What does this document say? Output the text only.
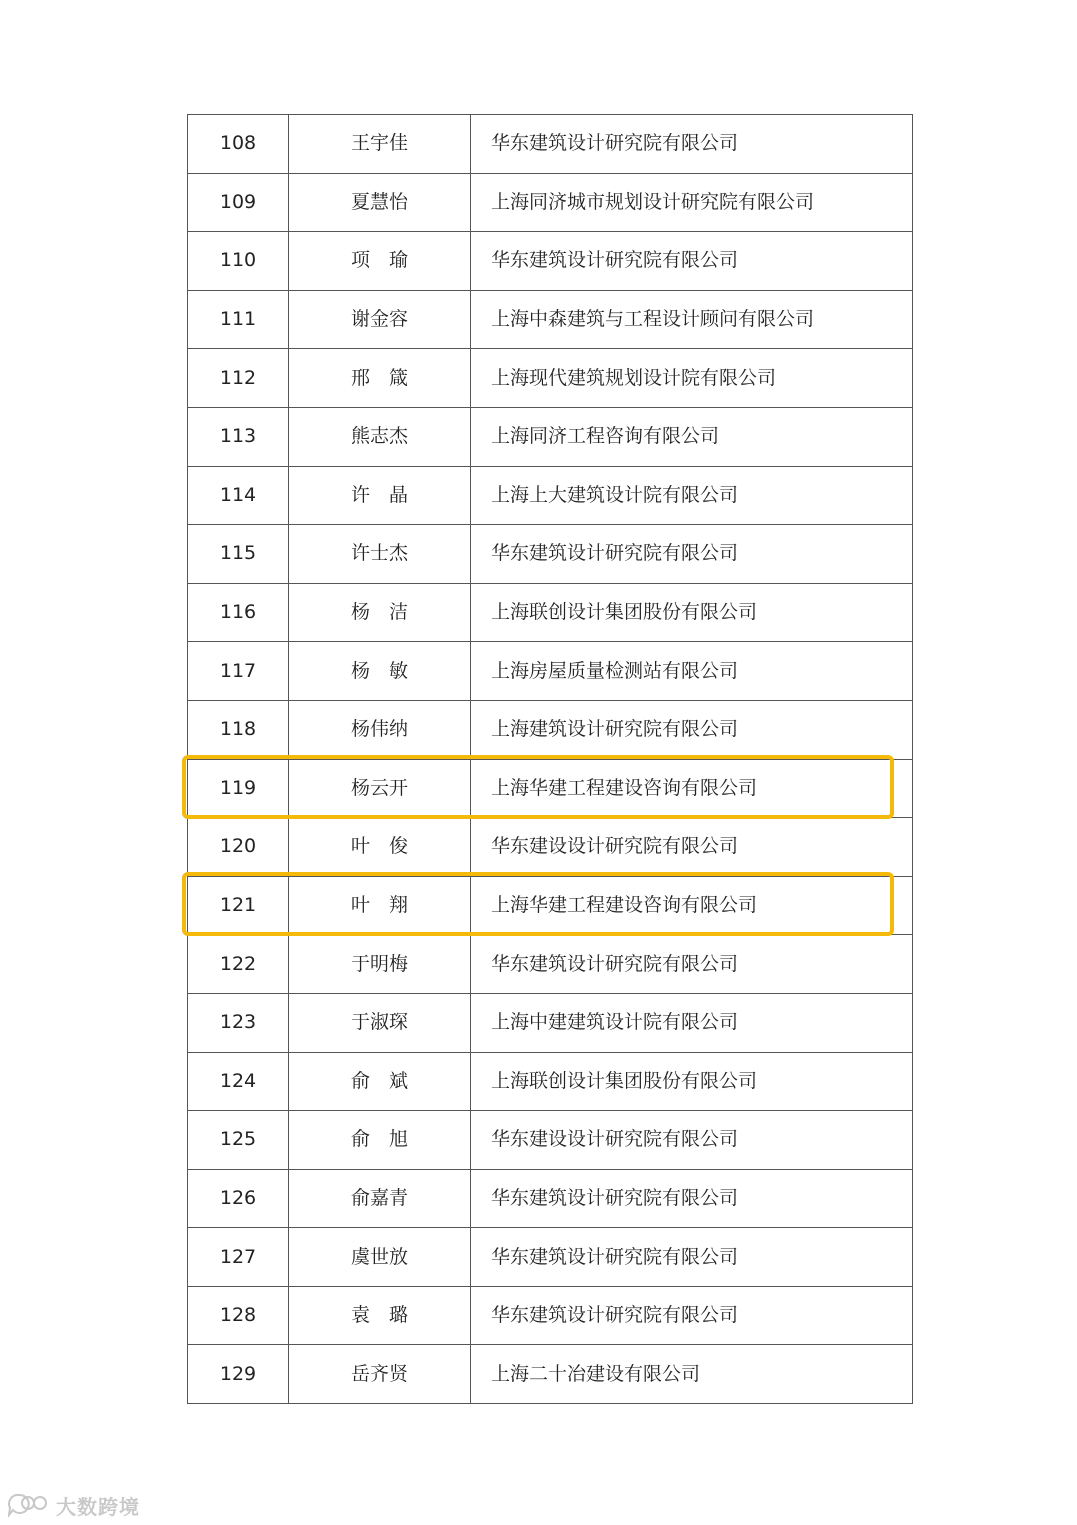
108	王宇佳	华东建筑设计研究院有限公司
109	夏慧怡	上海同济城市规划设计研究院有限公司
110	项 瑜	华东建筑设计研究院有限公司
111	谢金容	上海中森建筑与工程设计顾问有限公司
112	邢 箴	上海现代建筑规划设计院有限公司
113	熊志杰	上海同济工程咨询有限公司
114	许 晶	上海上大建筑设计院有限公司
115	许士杰	华东建筑设计研究院有限公司
116	杨 洁	上海联创设计集团股份有限公司
117	杨 敏	上海房屋质量检测站有限公司
118	杨伟纳	上海建筑设计研究院有限公司
119	杨云开	上海华建工程建设咨询有限公司
120	叶 俊	华东建设设计研究院有限公司
121	叶 翔	上海华建工程建设咨询有限公司
122	于明梅	华东建筑设计研究院有限公司
123	于淑琛	上海中建建筑设计院有限公司
124	俞 斌	上海联创设计集团股份有限公司
125	俞 旭	华东建设设计研究院有限公司
126	俞嘉青	华东建筑设计研究院有限公司
127	虞世放	华东建筑设计研究院有限公司
128	袁 璐	华东建筑设计研究院有限公司
129	岳齐贤	上海二十冶建设有限公司
大数跨境
